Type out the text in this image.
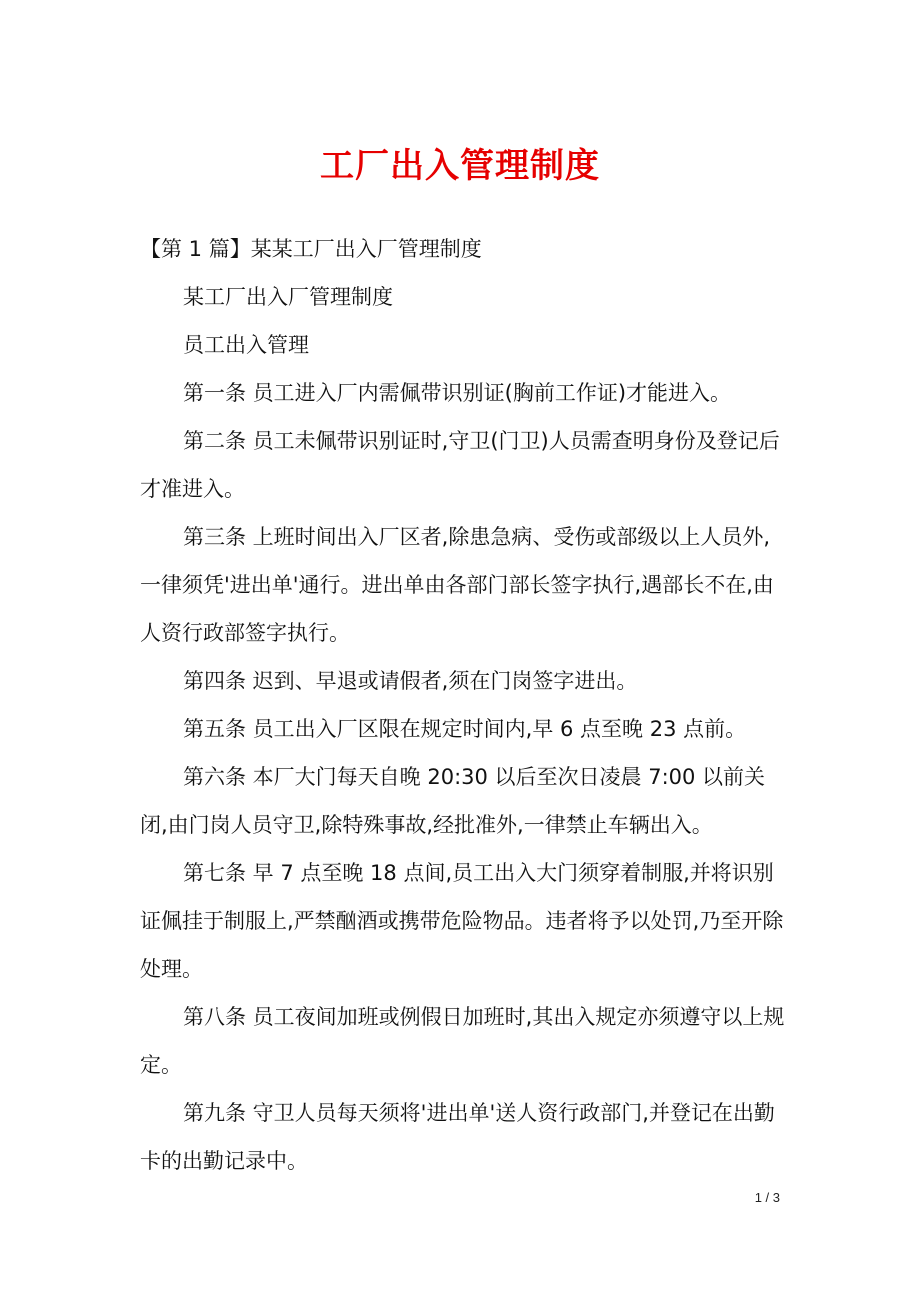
工厂出入管理制度

【第 1 篇】某某工厂出入厂管理制度

某工厂出入厂管理制度

员工出入管理

第一条 员工进入厂内需佩带识别证(胸前工作证)才能进入。

第二条 员工未佩带识别证时,守卫(门卫)人员需查明身份及登记后才准进入。

第三条 上班时间出入厂区者,除患急病、受伤或部级以上人员外,一律须凭'进出单'通行。进出单由各部门部长签字执行,遇部长不在,由人资行政部签字执行。

第四条 迟到、早退或请假者,须在门岗签字进出。

第五条 员工出入厂区限在规定时间内,早 6 点至晚 23 点前。

第六条 本厂大门每天自晚 20:30 以后至次日凌晨 7:00 以前关闭,由门岗人员守卫,除特殊事故,经批准外,一律禁止车辆出入。

第七条 早 7 点至晚 18 点间,员工出入大门须穿着制服,并将识别证佩挂于制服上,严禁酗酒或携带危险物品。违者将予以处罚,乃至开除处理。

第八条 员工夜间加班或例假日加班时,其出入规定亦须遵守以上规定。

第九条 守卫人员每天须将'进出单'送人资行政部门,并登记在出勤卡的出勤记录中。

1 / 3
